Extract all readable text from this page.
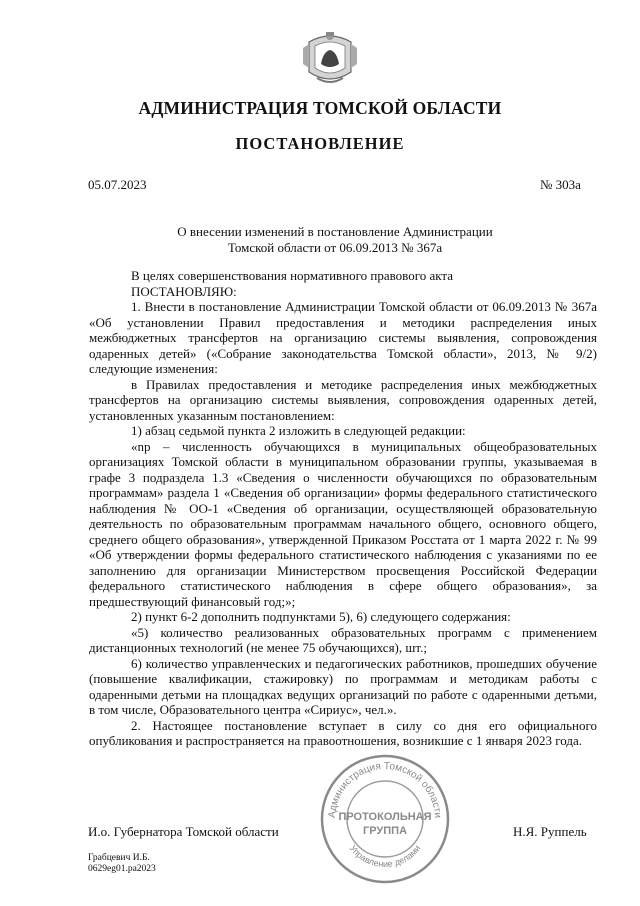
АДМИНИСТРАЦИЯ ТОМСКОЙ ОБЛАСТИ
ПОСТАНОВЛЕНИЕ
05.07.2023	№ 303а
О внесении изменений в постановление Администрации
Томской области от 06.09.2013 № 367а

В целях совершенствования нормативного правового акта

ПОСТАНОВЛЯЮ:

1. Внести в постановление Администрации Томской области от 06.09.2013 № 367а «Об установлении Правил предоставления и методики распределения иных межбюджетных трансфертов на организацию системы выявления, сопровождения одаренных детей» («Собрание законодательства Томской области», 2013, № 9/2) следующие изменения:

в Правилах предоставления и методике распределения иных межбюджетных трансфертов на организацию системы выявления, сопровождения одаренных детей, установленных указанным постановлением:

1) абзац седьмой пункта 2 изложить в следующей редакции:

«nр – численность обучающихся в муниципальных общеобразовательных организациях Томской области в муниципальном образовании группы, указываемая в графе 3 подраздела 1.3 «Сведения о численности обучающихся по образовательным программам» раздела 1 «Сведения об организации» формы федерального статистического наблюдения № ОО-1 «Сведения об организации, осуществляющей образовательную деятельность по образовательным программам начального общего, основного общего, среднего общего образования», утвержденной Приказом Росстата от 1 марта 2022 г. № 99 «Об утверждении формы федерального статистического наблюдения с указаниями по ее заполнению для организации Министерством просвещения Российской Федерации федерального статистического наблюдения в сфере общего образования», за предшествующий финансовый год;»;

2) пункт 6-2 дополнить подпунктами 5), 6) следующего содержания:

«5) количество реализованных образовательных программ с применением дистанционных технологий (не менее 75 обучающихся), шт.;

6) количество управленческих и педагогических работников, прошедших обучение (повышение квалификации, стажировку) по программам и методикам работы с одаренными детьми на площадках ведущих организаций по работе с одаренными детьми, в том числе, Образовательного центра «Сириус», чел.».

2. Настоящее постановление вступает в силу со дня его официального опубликования и распространяется на правоотношения, возникшие с 1 января 2023 года.

Администрация Томской области
Управление делами
ПРОТОКОЛЬНАЯ
ГРУППА
И.о. Губернатора Томской области	Н.Я. Руппель
Грабцевич И.Б.
0629eg01.pa2023
